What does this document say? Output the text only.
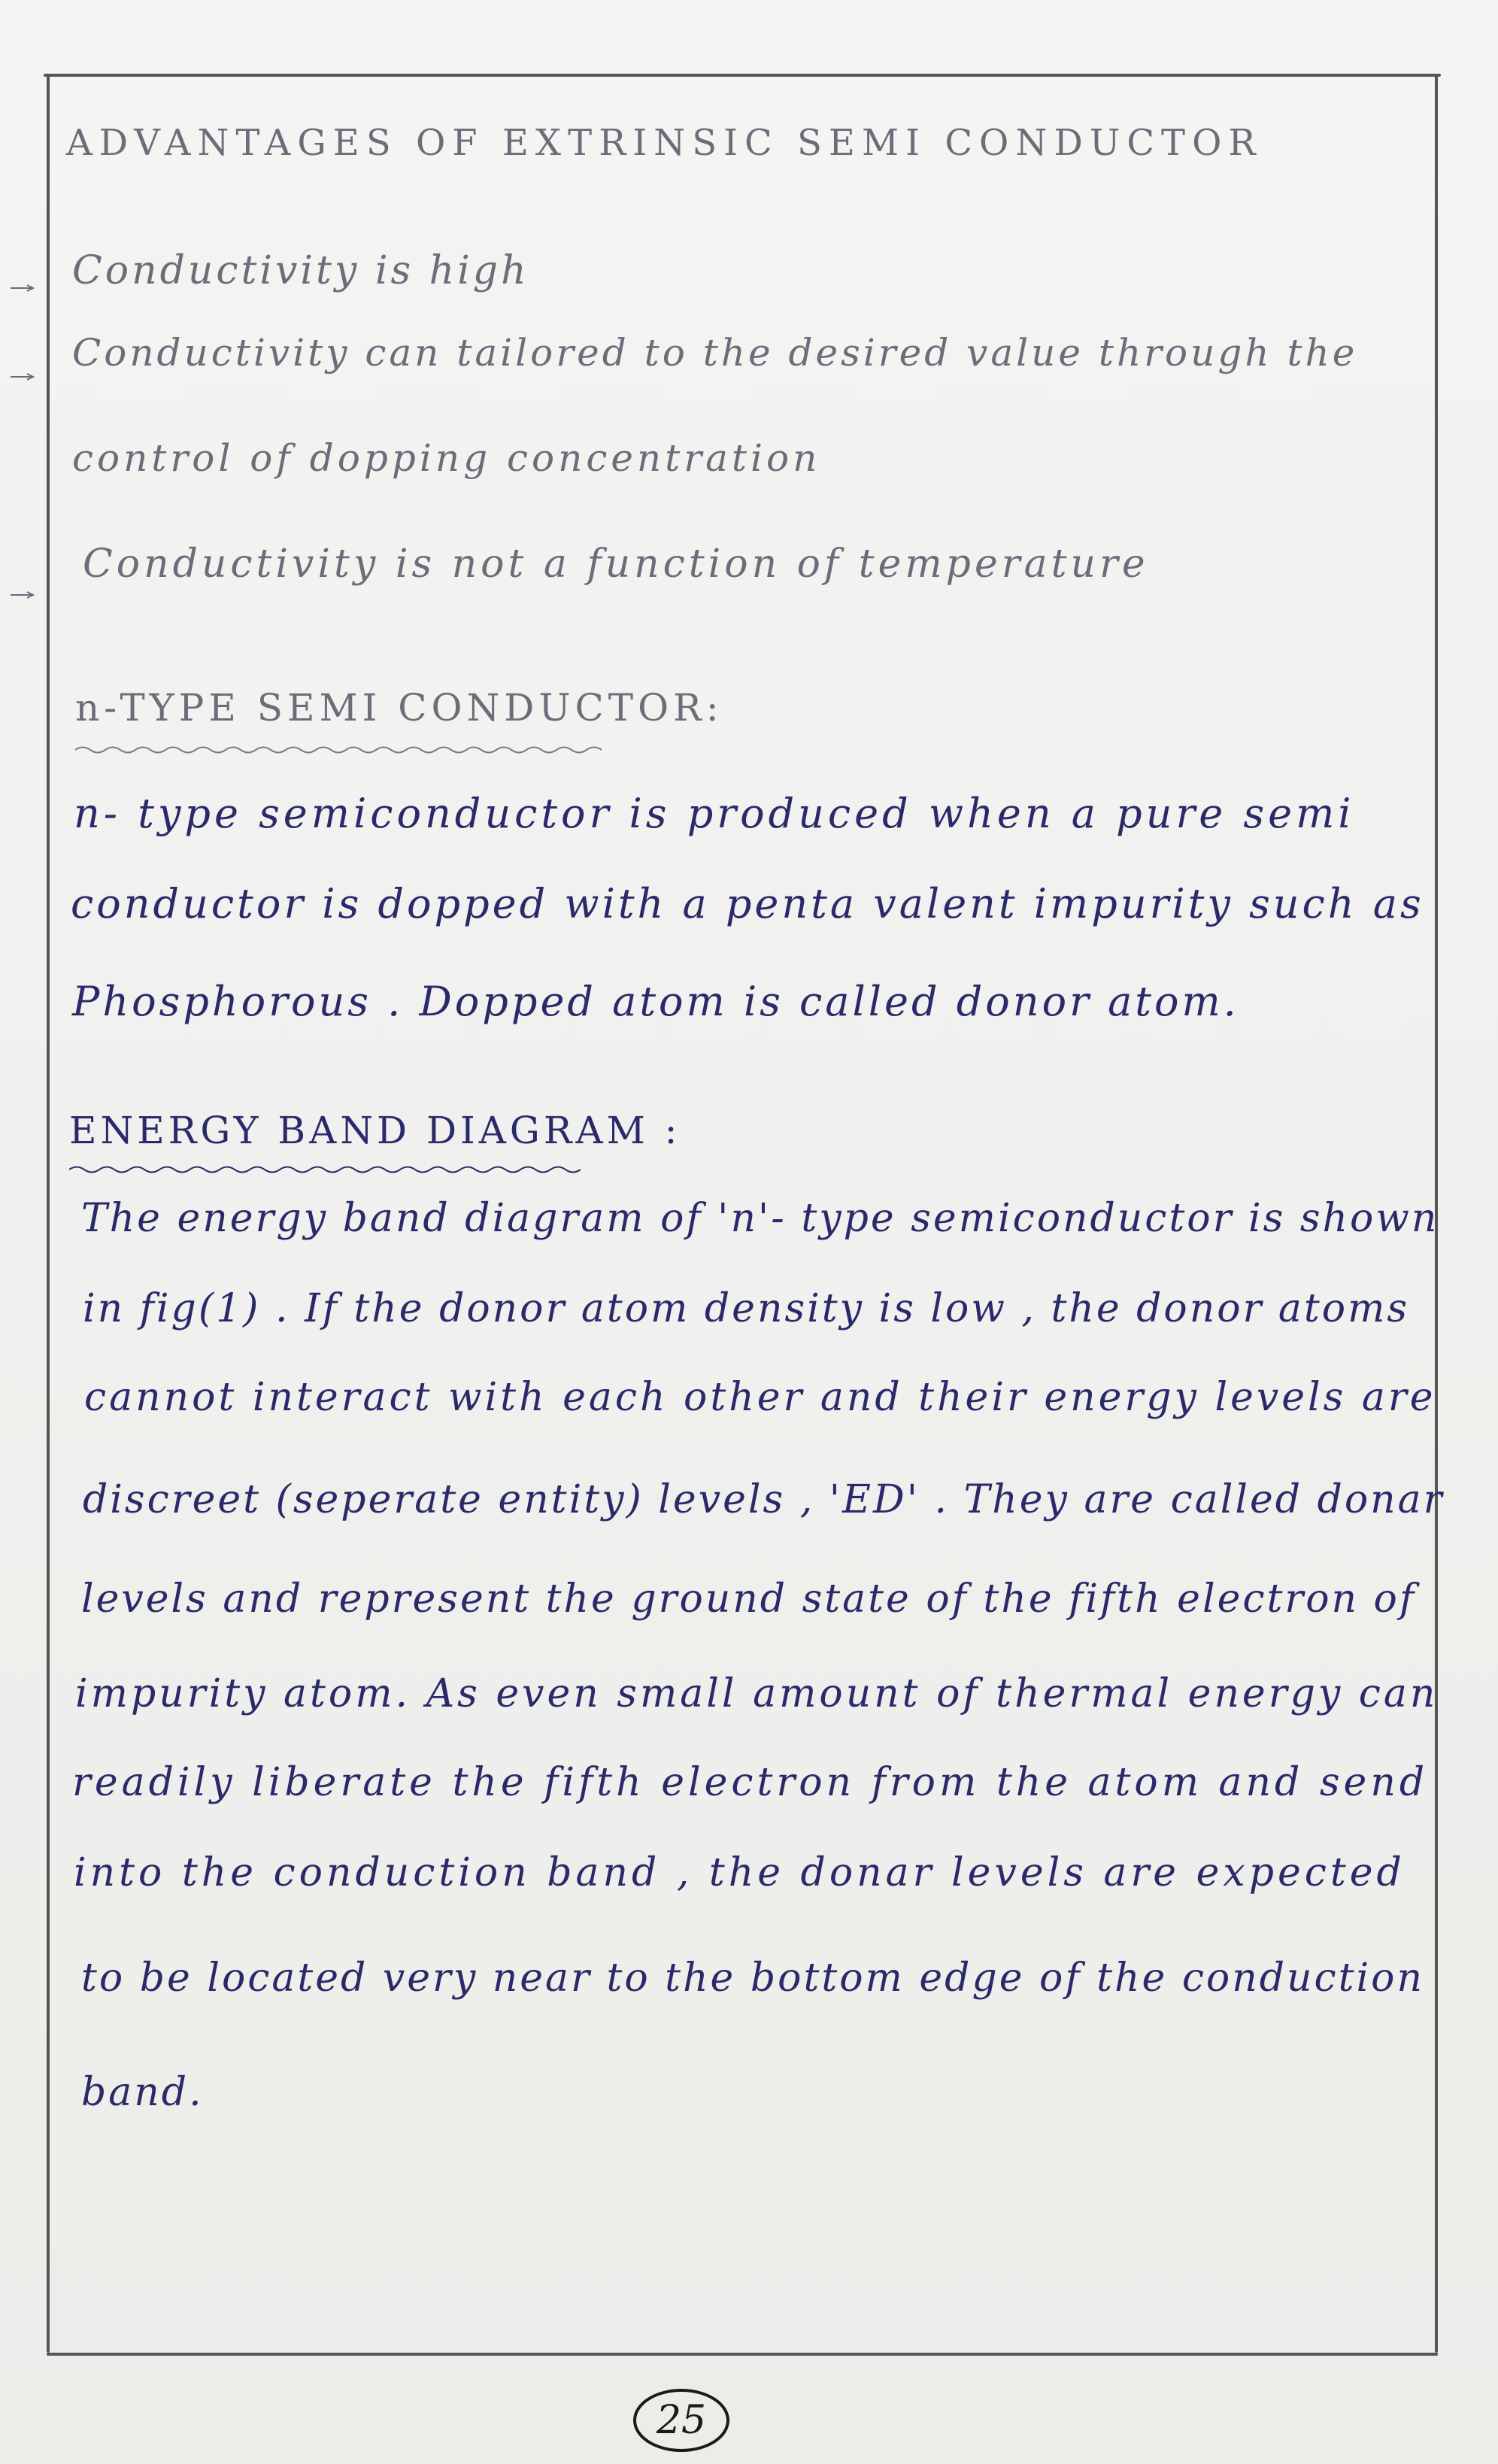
ADVANTAGES OF EXTRINSIC SEMI CONDUCTOR
Conductivity is high
Conductivity can tailored to the desired value through the
control of dopping concentration
Conductivity is not a function of temperature
n-TYPE SEMI CONDUCTOR:
n- type semiconductor is produced when a pure semi
conductor is dopped with a penta valent impurity such as
Phosphorous . Dopped atom is called donor atom.
ENERGY BAND DIAGRAM :
The energy band diagram of 'n'- type semiconductor is shown
in fig(1) . If the donor atom density is low , the donor atoms
cannot interact with each other and their energy levels are
discreet (seperate entity) levels , 'ED' . They are called donar
levels and represent the ground state of the fifth electron of
impurity atom. As even small amount of thermal energy can
readily liberate the fifth electron from the atom and send
into the conduction band , the donar levels are expected
to be located very near to the bottom edge of the conduction
band.
25
